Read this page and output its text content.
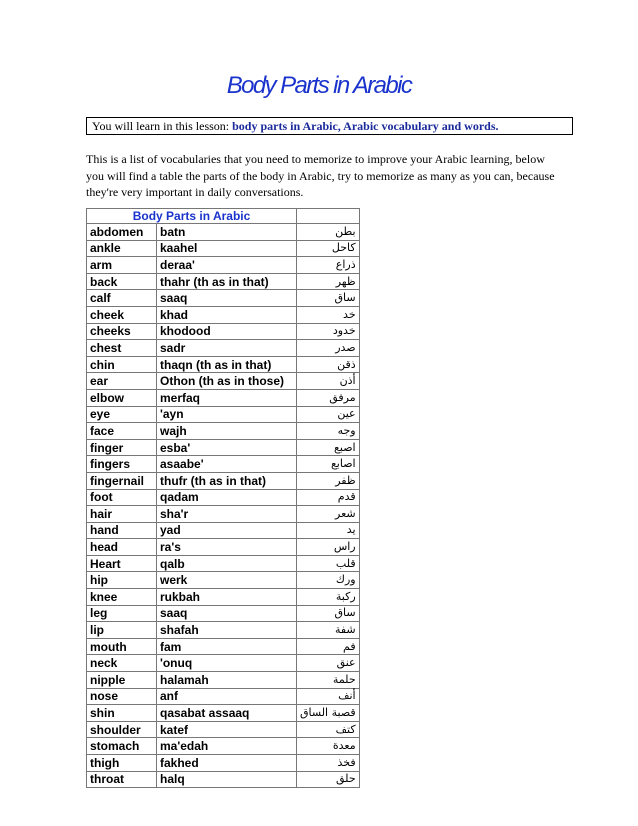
Body Parts in Arabic
You will learn in this lesson: body parts in Arabic, Arabic vocabulary and words.
This is a list of vocabularies that you need to memorize to improve your Arabic learning, below you will find a table the parts of the body in Arabic, try to memorize as many as you can, because they're very important in daily conversations.
Body Parts in Arabic		
abdomen	batn	بطن
ankle	kaahel	كاحل
arm	deraa'	ذراع
back	thahr (th as in that)	ظهر
calf	saaq	ساق
cheek	khad	خد
cheeks	khodood	خدود
chest	sadr	صدر
chin	thaqn (th as in that)	ذقن
ear	Othon (th as in those)	أذن
elbow	merfaq	مرفق
eye	'ayn	عين
face	wajh	وجه
finger	esba'	اصبع
fingers	asaabe'	اصابع
fingernail	thufr (th as in that)	ظفر
foot	qadam	قدم
hair	sha'r	شعر
hand	yad	يد
head	ra's	راس
Heart	qalb	قلب
hip	werk	ورك
knee	rukbah	ركبة
leg	saaq	ساق
lip	shafah	شفة
mouth	fam	فم
neck	'onuq	عنق
nipple	halamah	حلمة
nose	anf	أنف
shin	qasabat assaaq	قصبة الساق
shoulder	katef	كتف
stomach	ma'edah	معدة
thigh	fakhed	فخذ
throat	halq	حلق
